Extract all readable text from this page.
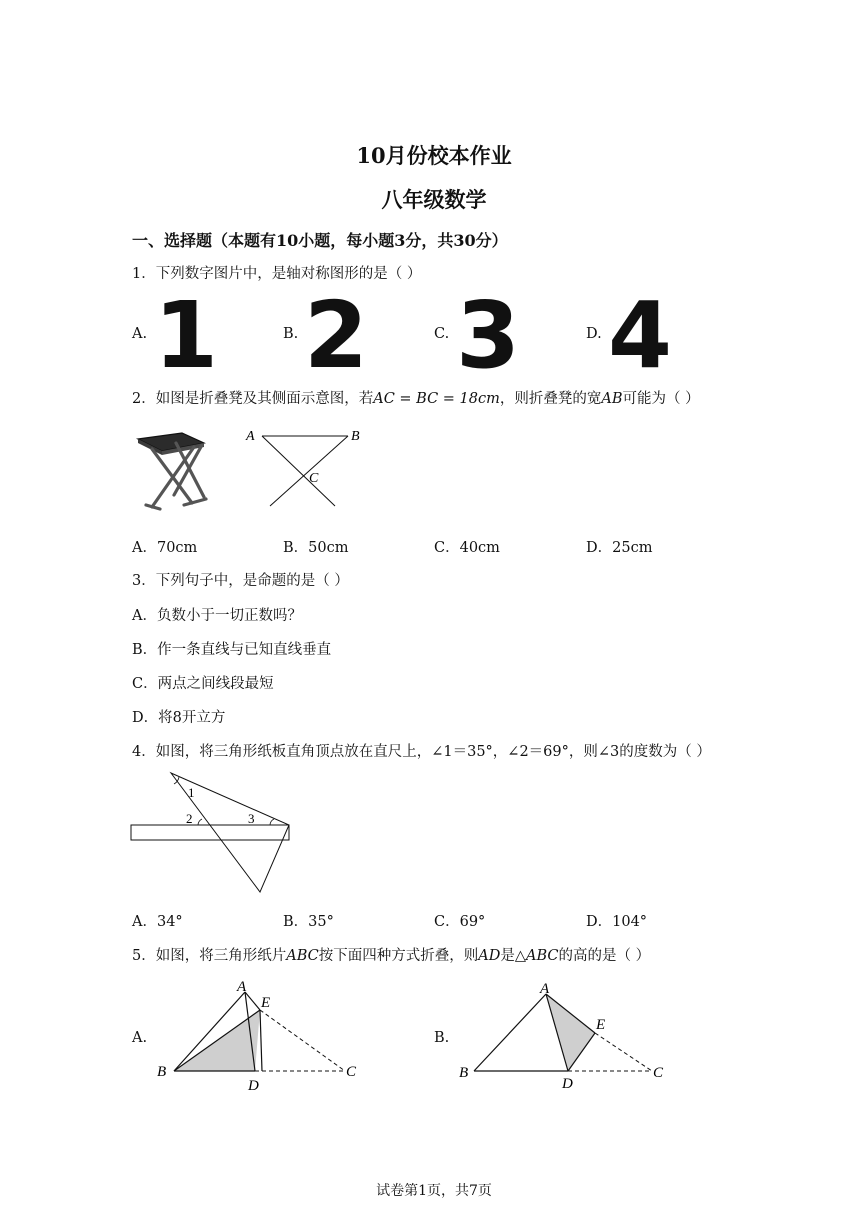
10月份校本作业
八年级数学
一、选择题（本题有10小题，每小题3分，共30分）
1．下列数字图片中，是轴对称图形的是（ ）
A. 1	B. 2	C. 3	D. 4
2．如图是折叠凳及其侧面示意图，若AC = BC = 18cm，则折叠凳的宽AB可能为（ ）
A	B
C
A．70cm	B．50cm	C．40cm	D．25cm
3．下列句子中，是命题的是（ ）
A．负数小于一切正数吗？
B．作一条直线与已知直线垂直
C．两点之间线段最短
D．将8开立方
4．如图，将三角形纸板直角顶点放在直尺上，∠1＝35°，∠2＝69°，则∠3的度数为（ ）
1
2	3
A．34°	B．35°	C．69°	D．104°
5．如图，将三角形纸片ABC按下面四种方式折叠，则AD是△ABC的高的是（ ）
A.
A
E
B
D
C
B.
A
E
B
D
C
试卷第1页，共7页
